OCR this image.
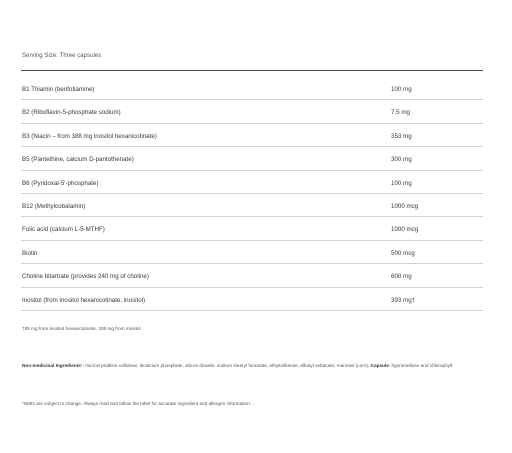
Serving Size: Three capsules
B1 Thiamin (benfotiamine)	100 mg
B2 (Riboflavin-5-phosphate sodium)	7.5 mg
B3 (Niacin – from 388 mg inositol hexanicotinate)	353 mg
B5 (Pantethine, calcium D-pantothenate)	300 mg
B6 (Pyridoxal-5'-phosphate)	100 mg
B12 (Methylcobalamin)	1000 mcg
Folic acid (calcium L-5-MTHF)	1000 mcg
Biotin	500 mcg
Choline bitartrate (provides 240 mg of choline)	600 mg
Inositol (from inositol hexanicotinate, inositol)	393 mg†
†85 mg from inositol hexanicotinate, 308 mg from inositol
Non-medicinal Ingredients*: microcrystalline cellulose, dicalcium phosphate, silicon dioxide, sodium stearyl fumarate, ethylcellulose, dibutyl sebacate, mannitol (corn). Capsule: hypromellose and chlorophyll.
*NMIs are subject to change. Always read and follow the label for accurate ingredient and allergen information.
